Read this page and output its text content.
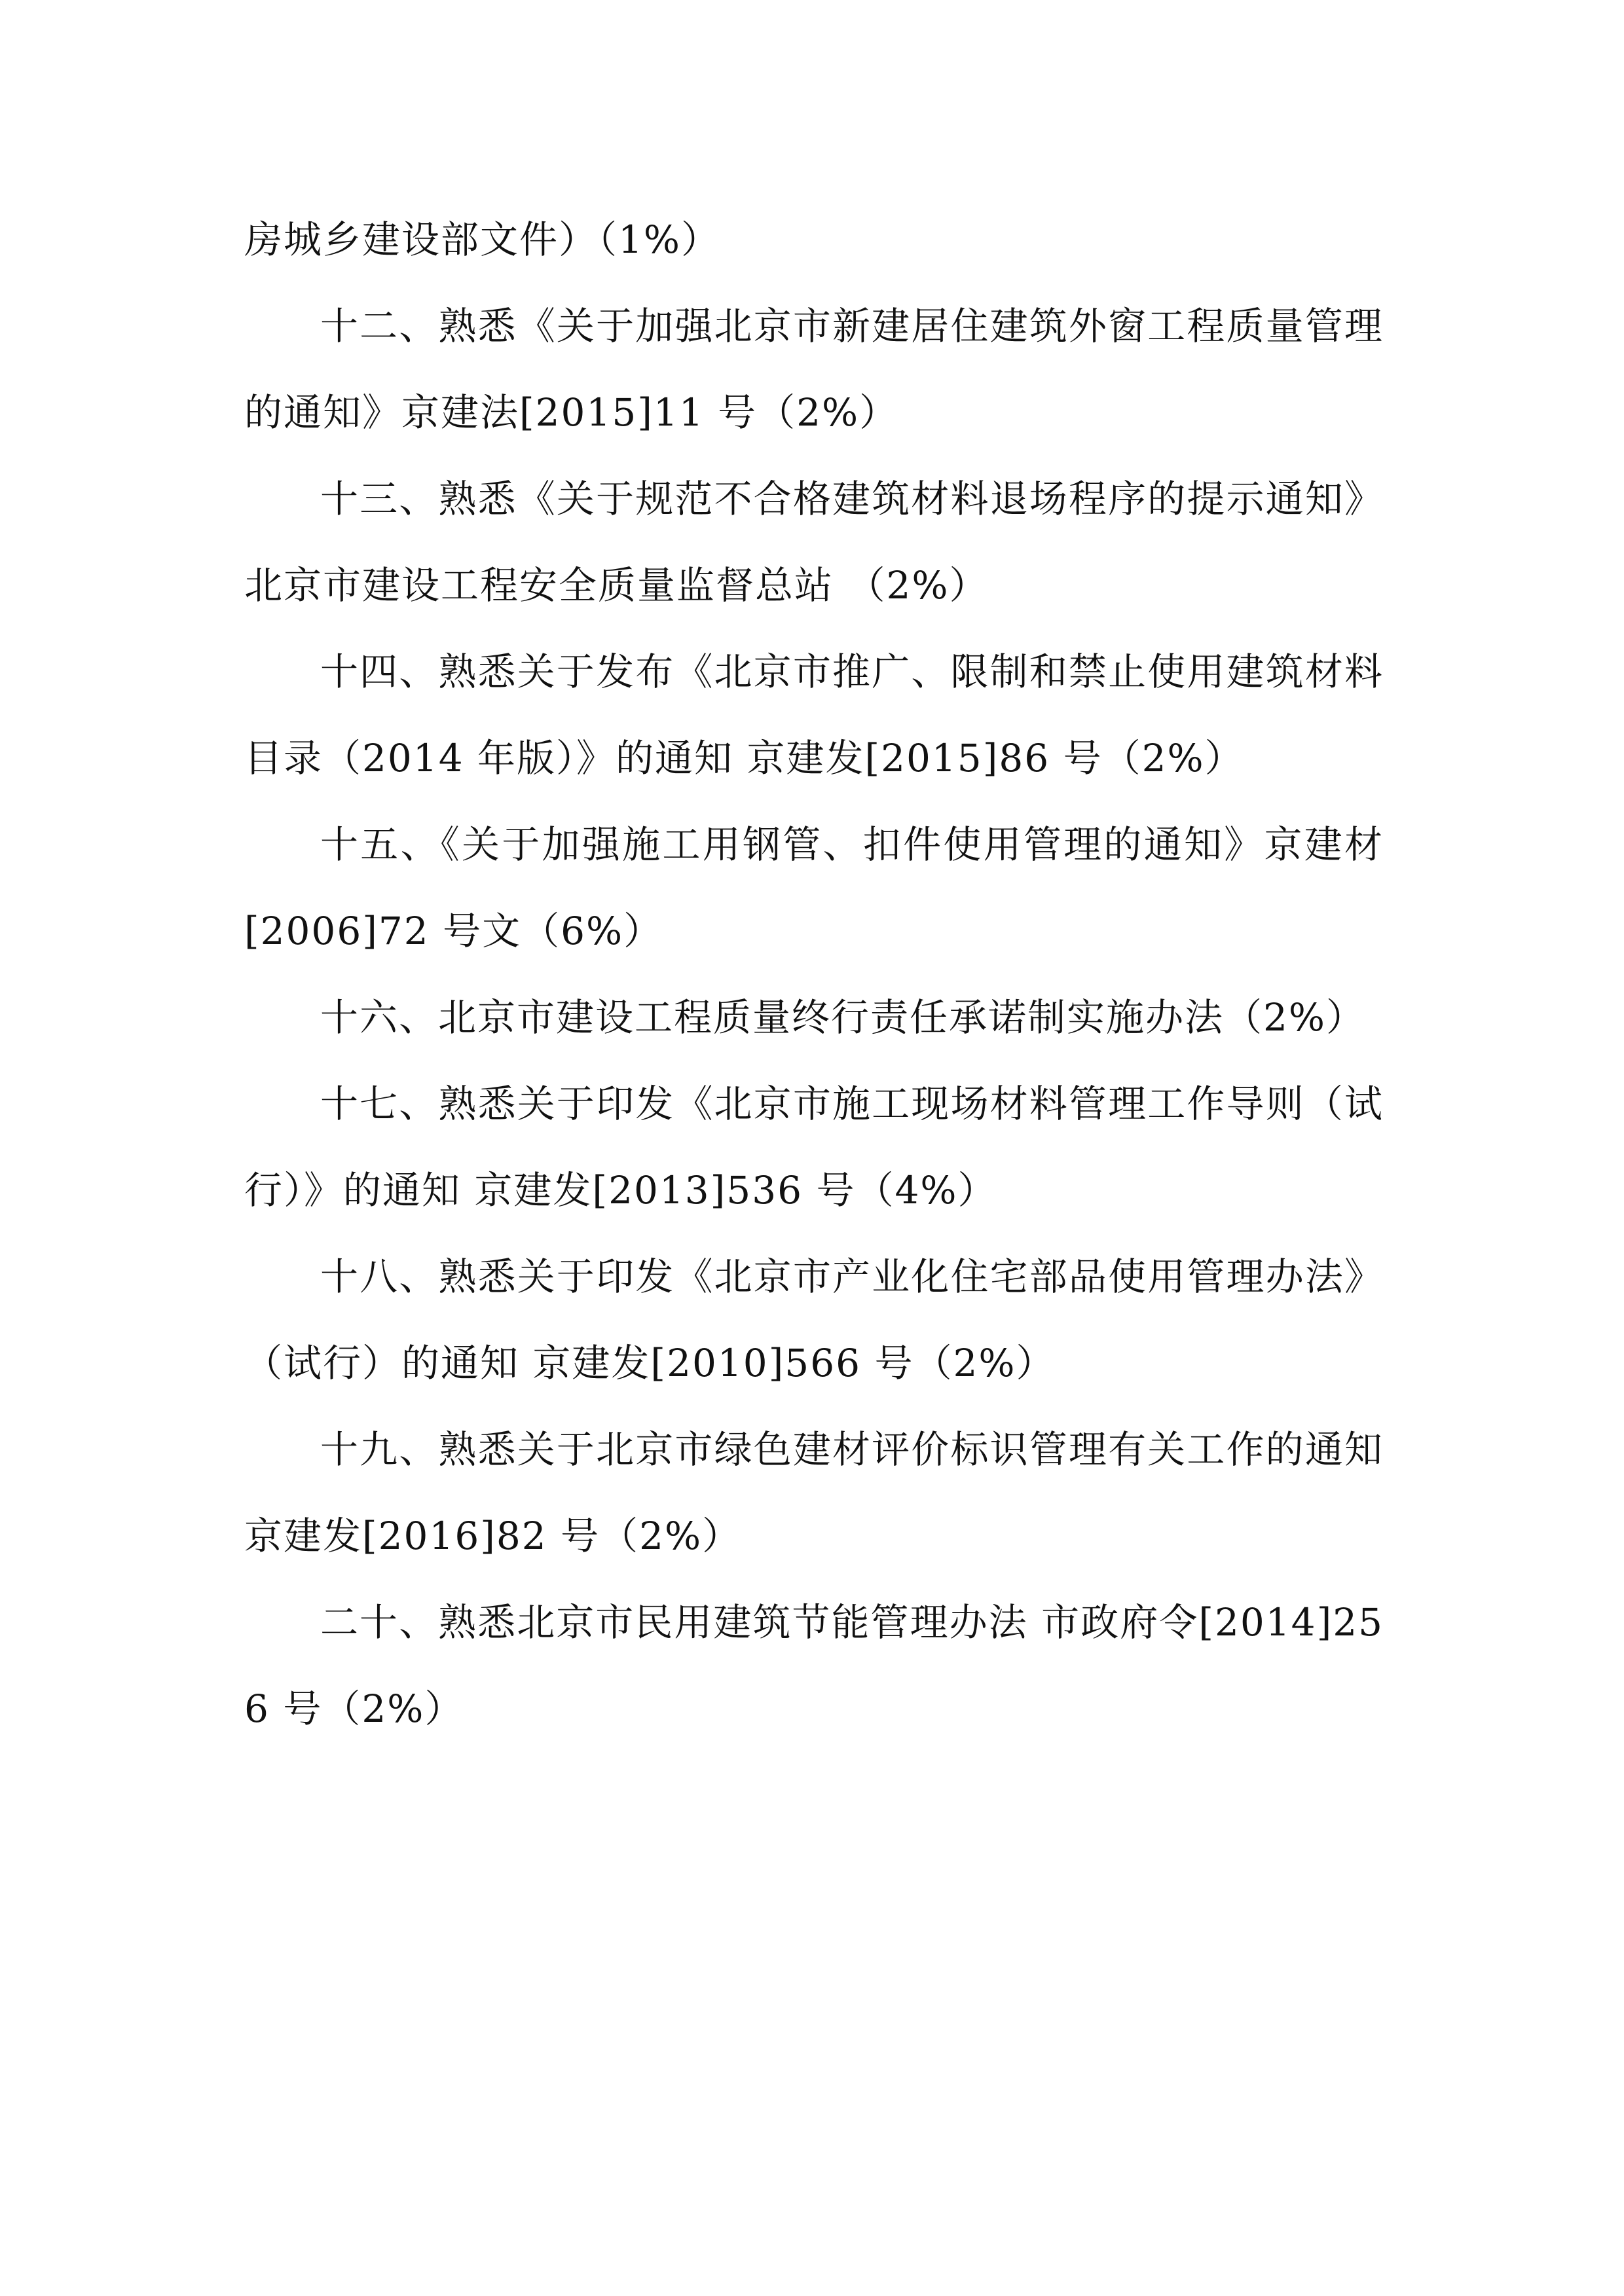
房城乡建设部文件）（1%）

十二、熟悉《关于加强北京市新建居住建筑外窗工程质量管理的通知》京建法[2015]11 号（2%）

十三、熟悉《关于规范不合格建筑材料退场程序的提示通知》北京市建设工程安全质量监督总站 （2%）

十四、熟悉关于发布《北京市推广、限制和禁止使用建筑材料目录（2014 年版）》的通知 京建发[2015]86 号（2%）

十五、《关于加强施工用钢管、扣件使用管理的通知》京建材[2006]72 号文（6%）

十六、北京市建设工程质量终行责任承诺制实施办法（2%）

十七、熟悉关于印发《北京市施工现场材料管理工作导则（试行）》的通知 京建发[2013]536 号（4%）

十八、熟悉关于印发《北京市产业化住宅部品使用管理办法》（试行）的通知 京建发[2010]566 号（2%）

十九、熟悉关于北京市绿色建材评价标识管理有关工作的通知 京建发[2016]82 号（2%）

二十、熟悉北京市民用建筑节能管理办法 市政府令[2014]256 号（2%）
